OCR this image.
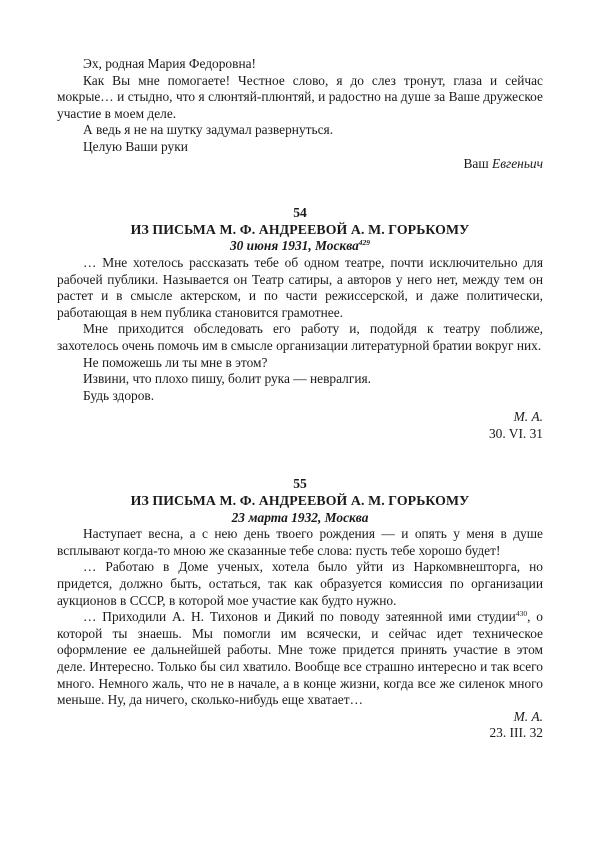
Эх, родная Мария Федоровна!

Как Вы мне помогаете! Честное слово, я до слез тронут, глаза и сейчас мокрые… и стыдно, что я слюнтяй-плюнтяй, и радостно на душе за Ваше дружеское участие в моем деле.

А ведь я не на шутку задумал развернуться.

Целую Ваши руки

Ваш Евгеньич

54

ИЗ ПИСЬМА М. Ф. АНДРЕЕВОЙ А. М. ГОРЬКОМУ

30 июня 1931, Москва$^{429}$

… Мне хотелось рассказать тебе об одном театре, почти исключительно для рабочей публики. Называется он Театр сатиры, а авторов у него нет, между тем он растет и в смысле актерском, и по части режиссерской, и даже политически, работающая в нем публика становится грамотнее.

Мне приходится обследовать его работу и, подойдя к театру поближе, захотелось очень помочь им в смысле организации литературной братии вокруг них.

Не поможешь ли ты мне в этом?

Извини, что плохо пишу, болит рука — невралгия.

Будь здоров.

М. А.

30. VI. 31

55

ИЗ ПИСЬМА М. Ф. АНДРЕЕВОЙ А. М. ГОРЬКОМУ

23 марта 1932, Москва

Наступает весна, а с нею день твоего рождения — и опять у меня в душе всплывают когда-то мною же сказанные тебе слова: пусть тебе хорошо будет!

… Работаю в Доме ученых, хотела было уйти из Наркомвнешторга, но придется, должно быть, остаться, так как образуется комиссия по организации аукционов в СССР, в которой мое участие как будто нужно.

… Приходили А. Н. Тихонов и Дикий по поводу затеянной ими студии$^{430}$, о которой ты знаешь. Мы помогли им всячески, и сейчас идет техническое оформление ее дальнейшей работы. Мне тоже придется принять участие в этом деле. Интересно. Только бы сил хватило. Вообще все страшно интересно и так всего много. Немного жаль, что не в начале, а в конце жизни, когда все же силенок много меньше. Ну, да ничего, сколько-нибудь еще хватает…

М. А.

23. III. 32
